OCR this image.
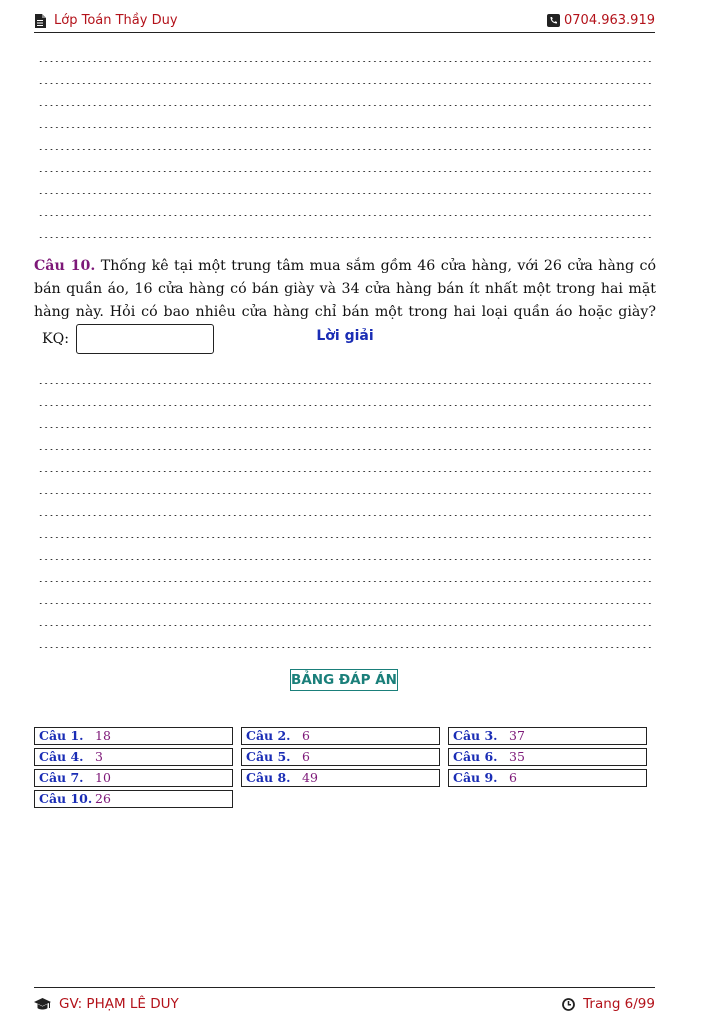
Lớp Toán Thầy Duy	0704.963.919
Câu 10. Thống kê tại một trung tâm mua sắm gồm 46 cửa hàng, với 26 cửa hàng có bán quần áo, 16 cửa hàng có bán giày và 34 cửa hàng bán ít nhất một trong hai mặt hàng này. Hỏi có bao nhiêu cửa hàng chỉ bán một trong hai loại quần áo hoặc giày? KQ:	Lời giải
BẢNG ĐÁP ÁN
Câu 1. 18	Câu 2. 6	Câu 3. 37
Câu 4. 3	Câu 5. 6	Câu 6. 35
Câu 7. 10	Câu 8. 49	Câu 9. 6
Câu 10. 26
GV: PHẠM LÊ DUY	Trang 6/99
